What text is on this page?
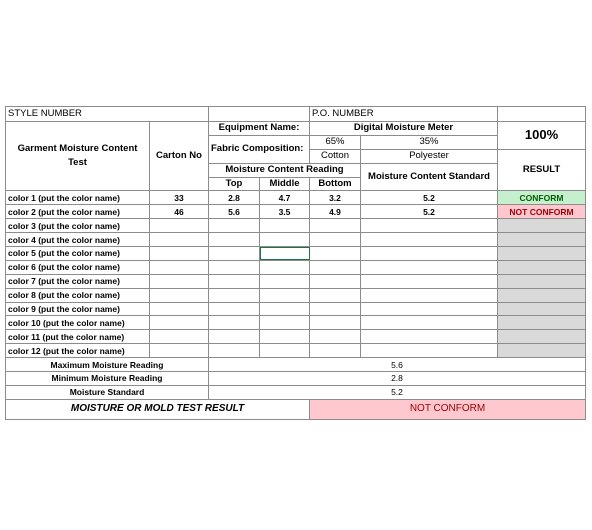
STYLE NUMBER				P.O. NUMBER		
Garment Moisture Content Test	Carton No	Equipment Name:		Digital Moisture Meter		100%
		Fabric Composition:		65%	35%	
				Cotton	Polyester	RESULT
		Moisture Content Reading			Moisture Content Standard	
		Top	Middle	Bottom		
color 1 (put the color name)	33	2.8	4.7	3.2	5.2	CONFORM
color 2 (put the color name)	46	5.6	3.5	4.9	5.2	NOT CONFORM
color 3 (put the color name)						
color 4 (put the color name)						
color 5 (put the color name)						
color 6 (put the color name)						
color 7 (put the color name)						
color 8 (put the color name)						
color 9 (put the color name)						
color 10 (put the color name)						
color 11 (put the color name)						
color 12 (put the color name)						
Maximum Moisture Reading		5.6				
Minimum Moisture Reading		2.8				
Moisture Standard		5.2				
MOISTURE OR MOLD TEST RESULT				NOT CONFORM		
